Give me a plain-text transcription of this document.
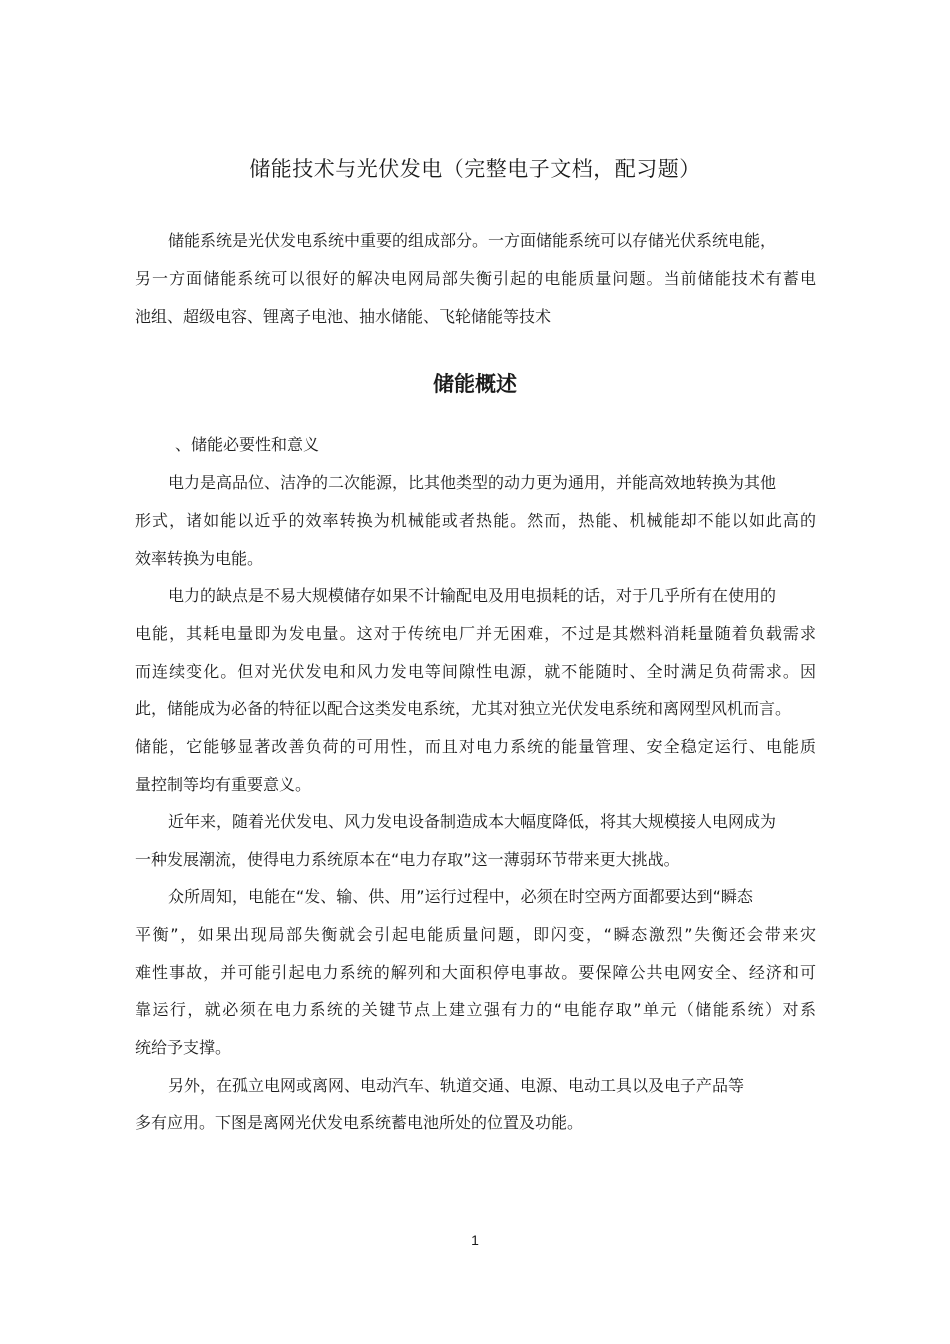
储能技术与光伏发电（完整电子文档，配习题）

储能系统是光伏发电系统中重要的组成部分。一方面储能系统可以存储光伏系统电能，

另一方面储能系统可以很好的解决电网局部失衡引起的电能质量问题。当前储能技术有蓄电

池组、超级电容、锂离子电池、抽水储能、飞轮储能等技术

储能概述

、储能必要性和意义

电力是高品位、洁净的二次能源，比其他类型的动力更为通用，并能高效地转换为其他

形式，诸如能以近乎的效率转换为机械能或者热能。然而，热能、机械能却不能以如此高的

效率转换为电能。

电力的缺点是不易大规模储存如果不计输配电及用电损耗的话，对于几乎所有在使用的

电能，其耗电量即为发电量。这对于传统电厂并无困难，不过是其燃料消耗量随着负载需求

而连续变化。但对光伏发电和风力发电等间隙性电源，就不能随时、全时满足负荷需求。因

此，储能成为必备的特征以配合这类发电系统，尤其对独立光伏发电系统和离网型风机而言。

储能，它能够显著改善负荷的可用性，而且对电力系统的能量管理、安全稳定运行、电能质

量控制等均有重要意义。

近年来，随着光伏发电、风力发电设备制造成本大幅度降低，将其大规模接人电网成为

一种发展潮流，使得电力系统原本在“电力存取”这一薄弱环节带来更大挑战。

众所周知，电能在“发、输、供、用”运行过程中，必须在时空两方面都要达到“瞬态

平衡”，如果出现局部失衡就会引起电能质量问题，即闪变，“瞬态激烈”失衡还会带来灾

难性事故，并可能引起电力系统的解列和大面积停电事故。要保障公共电网安全、经济和可

靠运行，就必须在电力系统的关键节点上建立强有力的“电能存取”单元（储能系统）对系

统给予支撑。

另外，在孤立电网或离网、电动汽车、轨道交通、电源、电动工具以及电子产品等

多有应用。下图是离网光伏发电系统蓄电池所处的位置及功能。

1
